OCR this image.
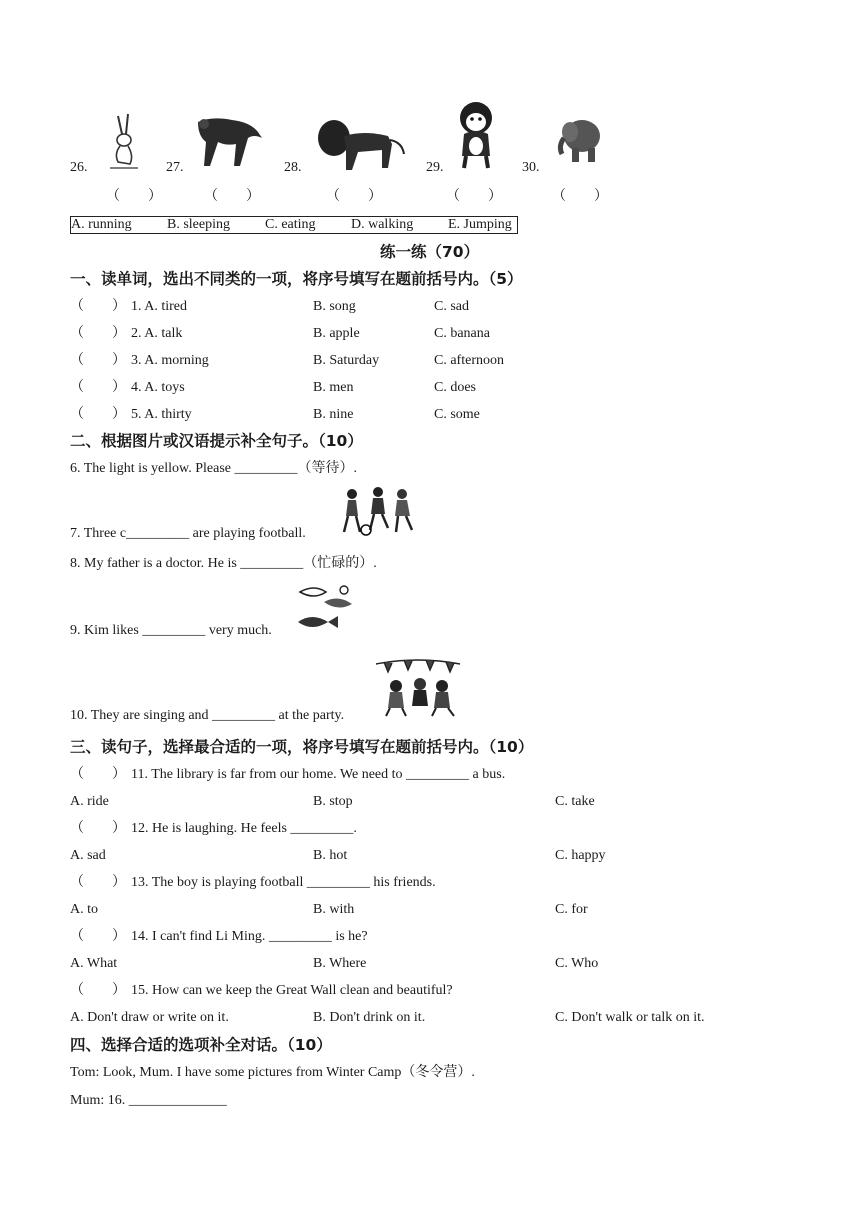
26.	27.	28.	29.	30.
（　　）	（　　）	（　　）	（　　）	（　　）
A. running	B. sleeping	C. eating	D. walking E. Jumping
练一练（70）
一、读单词，选出不同类的一项，将序号填写在题前括号内。（5）
（　　） 1. A. tired	B. song	C. sad
（　　） 2. A. talk	B. apple	C. banana
（　　） 3. A. morning	B. Saturday	C. afternoon
（　　） 4. A. toys	B. men	C. does
（　　） 5. A. thirty	B. nine	C. some
二、根据图片或汉语提示补全句子。（10）
6. The light is yellow. Please _________（等待）.
7. Three c_________ are playing football.
8. My father is a doctor. He is _________（忙碌的）.
9. Kim likes _________ very much.
10. They are singing and _________ at the party.
三、读句子，选择最合适的一项，将序号填写在题前括号内。（10）
（　　） 11. The library is far from our home. We need to _________ a bus.
A. ride	B. stop	C. take
（　　） 12. He is laughing. He feels _________.
A. sad	B. hot	C. happy
（　　） 13. The boy is playing football _________ his friends.
A. to	B. with	C. for
（　　） 14. I can't find Li Ming. _________ is he?
A. What	B. Where	C. Who
（　　） 15. How can we keep the Great Wall clean and beautiful?
A. Don't draw or write on it.	B. Don't drink on it.	C. Don't walk or talk on it.
四、选择合适的选项补全对话。（10）
Tom: Look, Mum. I have some pictures from Winter Camp（冬令营）.
Mum: 16. ______________
